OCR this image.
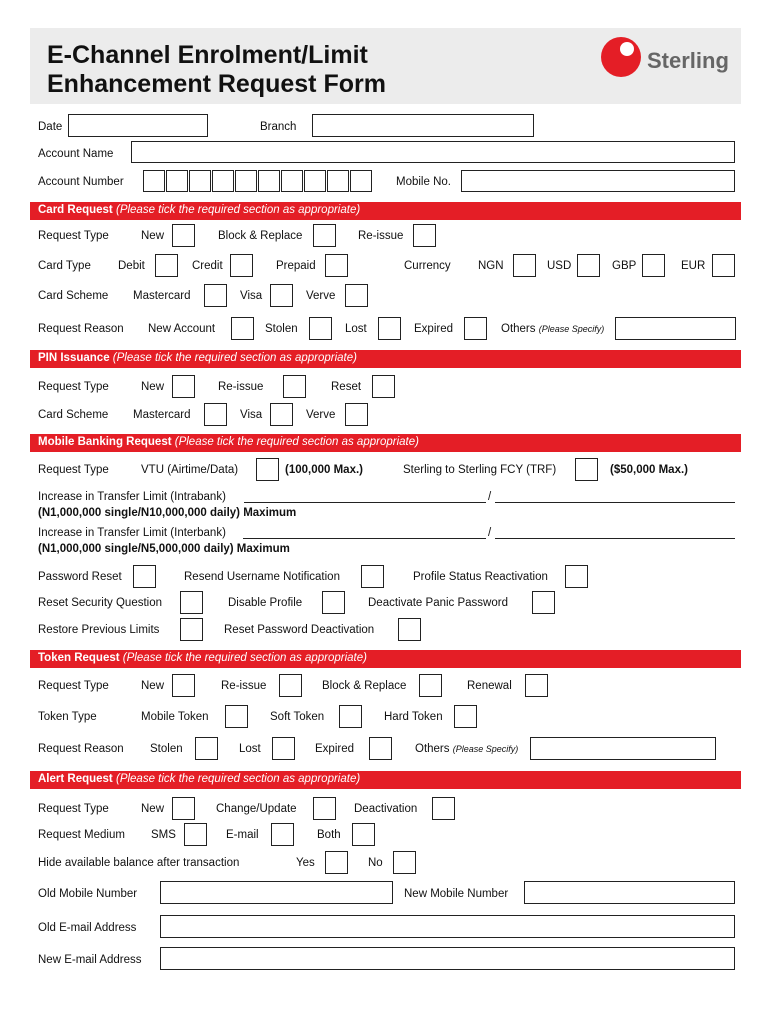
E-Channel Enrolment/Limit
Enhancement Request Form
Sterling
Date	Branch
Account Name
Account Number	Mobile No.
Card Request (Please tick the required section as appropriate)
Request Type	New	Block & Replace	Re-issue
Card Type Debit	Credit	Prepaid	Currency NGN	USD	GBP	EUR
Card Scheme Mastercard	Visa	Verve
Request Reason New Account	Stolen	Lost	Expired	Others (Please Specify)
PIN Issuance (Please tick the required section as appropriate)
Request Type	New	Re-issue	Reset
Card Scheme Mastercard	Visa	Verve
Mobile Banking Request (Please tick the required section as appropriate)
Request Type	VTU (Airtime/Data)	(100,000 Max.)	Sterling to Sterling FCY (TRF)	($50,000 Max.)
Increase in Transfer Limit (Intrabank)	/
(N1,000,000 single/N10,000,000 daily) Maximum
Increase in Transfer Limit (Interbank)	/
(N1,000,000 single/N5,000,000 daily) Maximum
Password Reset	Resend Username Notification	Profile Status Reactivation
Reset Security Question	Disable Profile	Deactivate Panic Password
Restore Previous Limits	Reset Password Deactivation
Token Request (Please tick the required section as appropriate)
Request Type	New	Re-issue	Block & Replace	Renewal
Token Type	Mobile Token	Soft Token	Hard Token
Request Reason Stolen	Lost	Expired	Others (Please Specify)
Alert Request (Please tick the required section as appropriate)
Request Type	New	Change/Update	Deactivation
Request Medium SMS	E-mail	Both
Hide available balance after transaction	Yes	No
Old Mobile Number	New Mobile Number
Old E-mail Address
New E-mail Address
